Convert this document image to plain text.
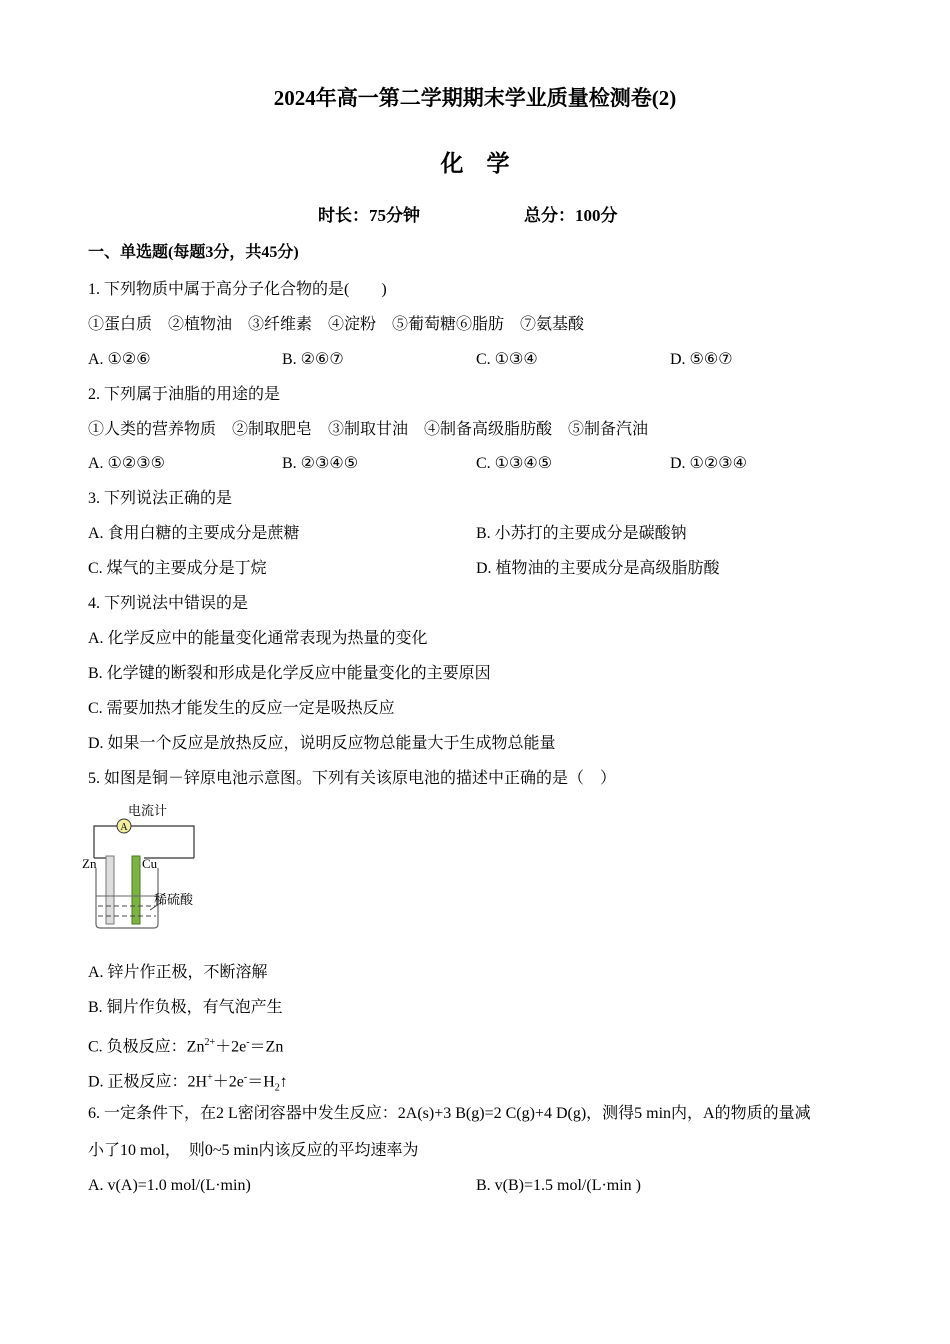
2024年高一第二学期期末学业质量检测卷(2)
化　学
时长：75分钟	总分：100分
一、单选题(每题3分，共45分)
1. 下列物质中属于高分子化合物的是(　　)
①蛋白质　②植物油　③纤维素　④淀粉　⑤葡萄糖⑥脂肪　⑦氨基酸
A. ①②⑥	B. ②⑥⑦	C. ①③④	D. ⑤⑥⑦
2. 下列属于油脂的用途的是
①人类的营养物质　②制取肥皂　③制取甘油　④制备高级脂肪酸　⑤制备汽油
A. ①②③⑤	B. ②③④⑤	C. ①③④⑤	D. ①②③④
3. 下列说法正确的是
A. 食用白糖的主要成分是蔗糖	B. 小苏打的主要成分是碳酸钠
C. 煤气的主要成分是丁烷	D. 植物油的主要成分是高级脂肪酸
4. 下列说法中错误的是
A. 化学反应中的能量变化通常表现为热量的变化
B. 化学键的断裂和形成是化学反应中能量变化的主要原因
C. 需要加热才能发生的反应一定是吸热反应
D. 如果一个反应是放热反应，说明反应物总能量大于生成物总能量
5. 如图是铜－锌原电池示意图。下列有关该原电池的描述中正确的是（　）
A
电流计
Zn	Cu
稀硫酸
A. 锌片作正极，不断溶解
B. 铜片作负极，有气泡产生
C. 负极反应：$Zn^{2+}+2e^-=Zn$
D. 正极反应：$2H^++2e^-=H_2↑$
6. 一定条件下，在2 L密闭容器中发生反应：2A(s)+3 B(g)=2 C(g)+4 D(g)，测得5 min内，A的物质的量减
小了10 mol，　则0~5 min内该反应的平均速率为
A. v(A)=1.0 mol/(L·min)	B. v(B)=1.5 mol/(L·min )
